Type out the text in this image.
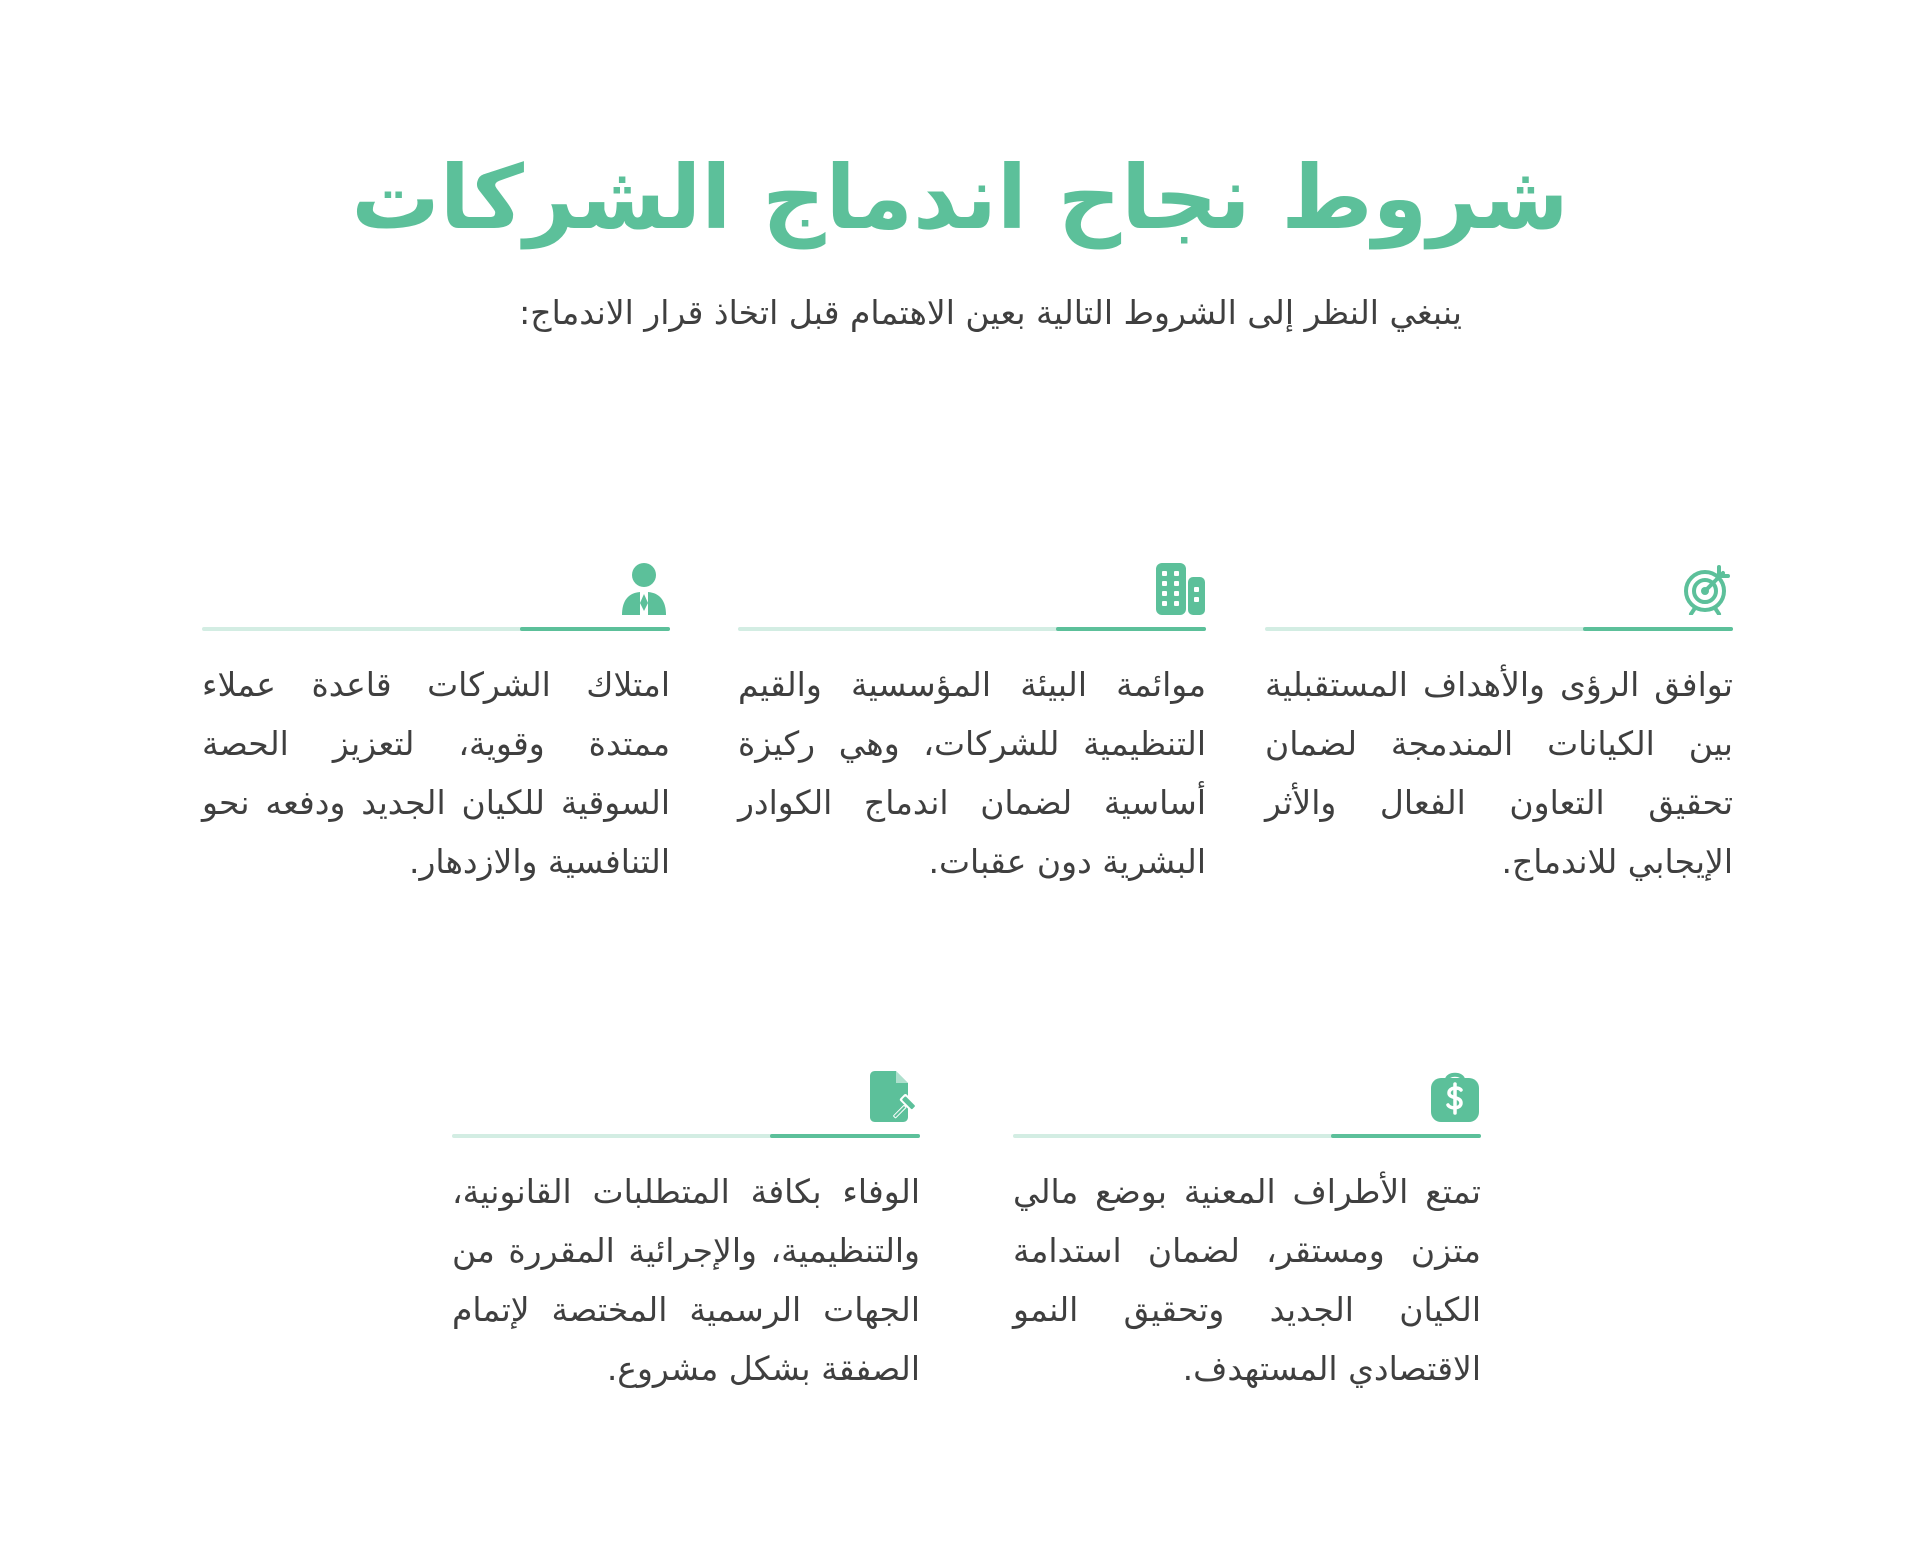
شروط نجاح اندماج الشركات

ينبغي النظر إلى الشروط التالية بعين الاهتمام قبل اتخاذ قرار الاندماج:

توافق الرؤى والأهداف المستقبلية بين الكيانات المندمجة لضمان تحقيق التعاون الفعال والأثر الإيجابي للاندماج.

موائمة البيئة المؤسسية والقيم التنظيمية للشركات، وهي ركيزة أساسية لضمان اندماج الكوادر البشرية دون عقبات.

امتلاك الشركات قاعدة عملاء ممتدة وقوية، لتعزيز الحصة السوقية للكيان الجديد ودفعه نحو التنافسية والازدهار.

تمتع الأطراف المعنية بوضع مالي متزن ومستقر، لضمان استدامة الكيان الجديد وتحقيق النمو الاقتصادي المستهدف.

الوفاء بكافة المتطلبات القانونية، والتنظيمية، والإجرائية المقررة من الجهات الرسمية المختصة لإتمام الصفقة بشكل مشروع.
